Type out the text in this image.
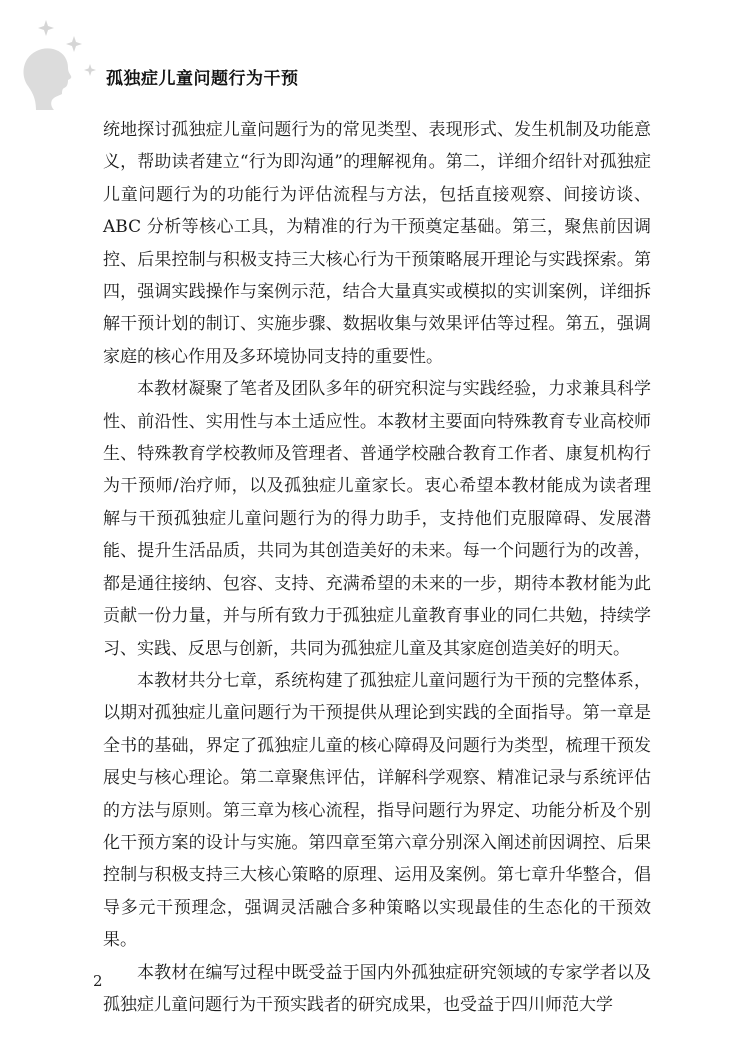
孤独症儿童问题行为干预

统地探讨孤独症儿童问题行为的常见类型、表现形式、发生机制及功能意义，帮助读者建立“行为即沟通”的理解视角。第二，详细介绍针对孤独症儿童问题行为的功能行为评估流程与方法，包括直接观察、间接访谈、ABC 分析等核心工具，为精准的行为干预奠定基础。第三，聚焦前因调控、后果控制与积极支持三大核心行为干预策略展开理论与实践探索。第四，强调实践操作与案例示范，结合大量真实或模拟的实训案例，详细拆解干预计划的制订、实施步骤、数据收集与效果评估等过程。第五，强调家庭的核心作用及多环境协同支持的重要性。

本教材凝聚了笔者及团队多年的研究积淀与实践经验，力求兼具科学性、前沿性、实用性与本土适应性。本教材主要面向特殊教育专业高校师生、特殊教育学校教师及管理者、普通学校融合教育工作者、康复机构行为干预师/治疗师，以及孤独症儿童家长。衷心希望本教材能成为读者理解与干预孤独症儿童问题行为的得力助手，支持他们克服障碍、发展潜能、提升生活品质，共同为其创造美好的未来。每一个问题行为的改善，都是通往接纳、包容、支持、充满希望的未来的一步，期待本教材能为此贡献一份力量，并与所有致力于孤独症儿童教育事业的同仁共勉，持续学习、实践、反思与创新，共同为孤独症儿童及其家庭创造美好的明天。

本教材共分七章，系统构建了孤独症儿童问题行为干预的完整体系，以期对孤独症儿童问题行为干预提供从理论到实践的全面指导。第一章是全书的基础，界定了孤独症儿童的核心障碍及问题行为类型，梳理干预发展史与核心理论。第二章聚焦评估，详解科学观察、精准记录与系统评估的方法与原则。第三章为核心流程，指导问题行为界定、功能分析及个别化干预方案的设计与实施。第四章至第六章分别深入阐述前因调控、后果控制与积极支持三大核心策略的原理、运用及案例。第七章升华整合，倡导多元干预理念，强调灵活融合多种策略以实现最佳的生态化的干预效果。

本教材在编写过程中既受益于国内外孤独症研究领域的专家学者以及孤独症儿童问题行为干预实践者的研究成果，也受益于四川师范大学

2
